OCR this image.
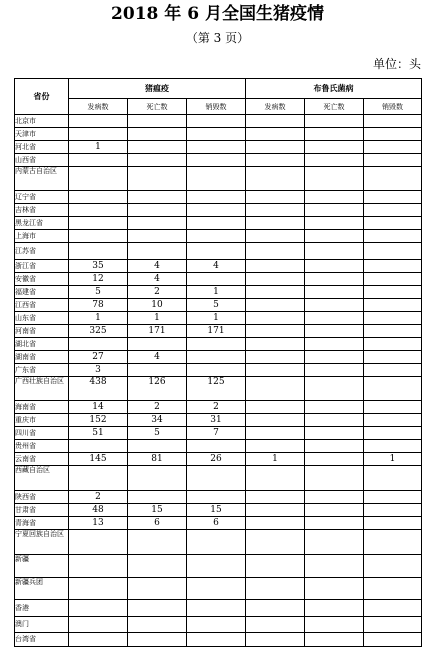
2018 年 6 月全国生猪疫情
（第 3 页）
单位：头
省份	猪瘟疫			布鲁氏菌病		
	发病数	死亡数	销毁数	发病数	死亡数	销毁数
北京市						
天津市						
河北省	1					
山西省						
内蒙古自治区						
辽宁省						
吉林省						
黑龙江省						
上海市						
江苏省						
浙江省	35	4	4			
安徽省	12	4				
福建省	5	2	1			
江西省	78	10	5			
山东省	1	1	1			
河南省	325	171	171			
湖北省						
湖南省	27	4				
广东省	3					
广西壮族自治区	438	126	125			
海南省	14	2	2			
重庆市	152	34	31			
四川省	51	5	7			
贵州省						
云南省	145	81	26	1		1
西藏自治区						
陕西省	2					
甘肃省	48	15	15			
青海省	13	6	6			
宁夏回族自治区						
新疆						
新疆兵团						
香港						
澳门						
台湾省						
